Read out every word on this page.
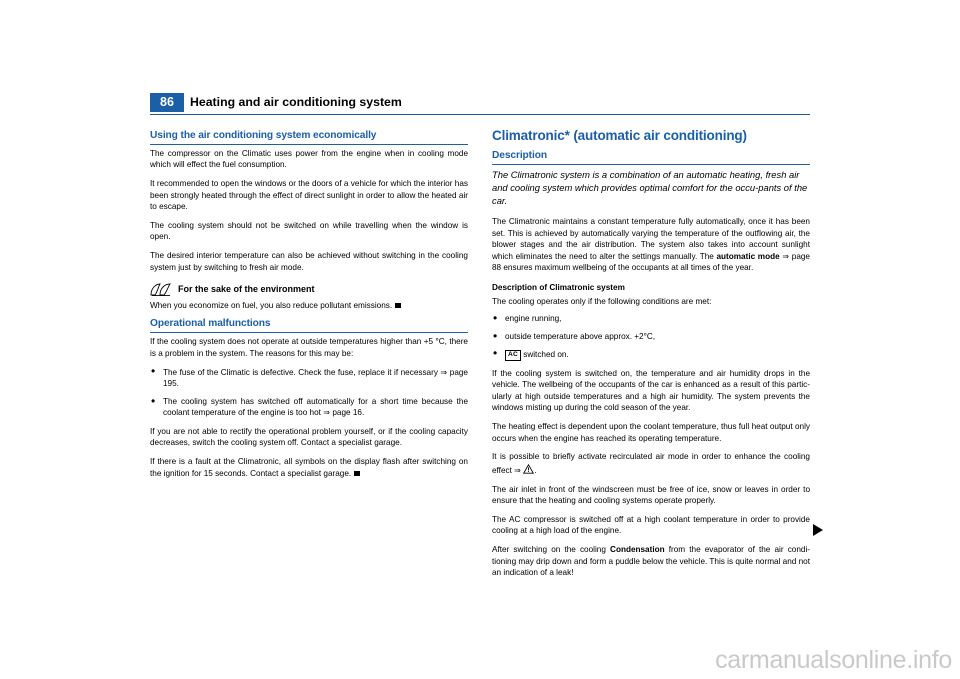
86	Heating and air conditioning system
Using the air conditioning system economically

The compressor on the Climatic uses power from the engine when in cooling mode which will effect the fuel consumption.

It recommended to open the windows or the doors of a vehicle for which the interior has been strongly heated through the effect of direct sunlight in order to allow the heated air to escape.

The cooling system should not be switched on while travelling when the window is open.

The desired interior temperature can also be achieved without switching in the cooling system just by switching to fresh air mode.

For the sake of the environment

When you economize on fuel, you also reduce pollutant emissions.

Operational malfunctions

If the cooling system does not operate at outside temperatures higher than +5 °C, there is a problem in the system. The reasons for this may be:

• The fuse of the Climatic is defective. Check the fuse, replace it if necessary ⇒ page 195.
• The cooling system has switched off automatically for a short time because the coolant temperature of the engine is too hot ⇒ page 16.

If you are not able to rectify the operational problem yourself, or if the cooling capacity decreases, switch the cooling system off. Contact a specialist garage.

If there is a fault at the Climatronic, all symbols on the display flash after switching on the ignition for 15 seconds. Contact a specialist garage.

Climatronic* (automatic air conditioning)
Description

The Climatronic system is a combination of an automatic heating, fresh air and cooling system which provides optimal comfort for the occu-pants of the car.

The Climatronic maintains a constant temperature fully automatically, once it has been set. This is achieved by automatically varying the temperature of the outflowing air, the blower stages and the air distribution. The system also takes into account sunlight which eliminates the need to alter the settings manually. The automatic mode ⇒ page 88 ensures maximum wellbeing of the occupants at all times of the year.

Description of Climatronic system

The cooling operates only if the following conditions are met:

• engine running,
• outside temperature above approx. +2°C,
• AC switched on.

If the cooling system is switched on, the temperature and air humidity drops in the vehicle. The wellbeing of the occupants of the car is enhanced as a result of this partic-ularly at high outside temperatures and a high air humidity. The system prevents the windows misting up during the cold season of the year.

The heating effect is dependent upon the coolant temperature, thus full heat output only occurs when the engine has reached its operating temperature.

It is possible to briefly activate recirculated air mode in order to enhance the cooling effect ⇒ .

The air inlet in front of the windscreen must be free of ice, snow or leaves in order to ensure that the heating and cooling systems operate properly.

The AC compressor is switched off at a high coolant temperature in order to provide cooling at a high load of the engine.

After switching on the cooling Condensation from the evaporator of the air condi-tioning may drip down and form a puddle below the vehicle. This is quite normal and not an indication of a leak!

carmanualsonline.info
